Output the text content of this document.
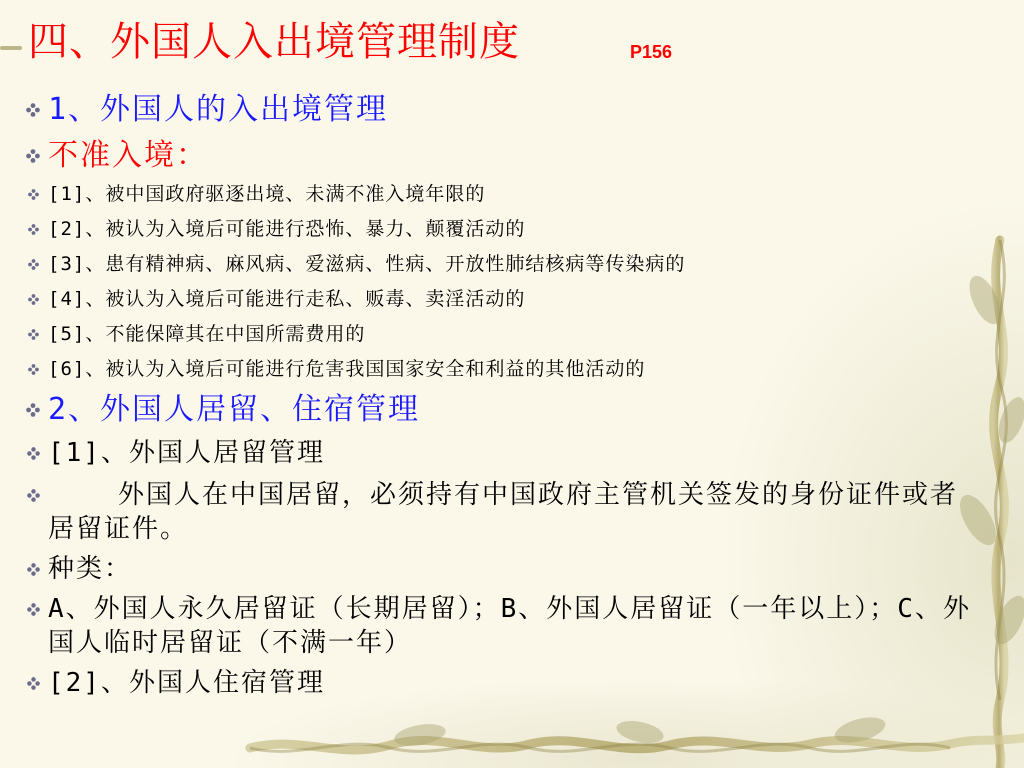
四、外国人入出境管理制度	P156
1、外国人的入出境管理
不准入境：
[1]、被中国政府驱逐出境、未满不准入境年限的
[2]、被认为入境后可能进行恐怖、暴力、颠覆活动的
[3]、患有精神病、麻风病、爱滋病、性病、开放性肺结核病等传染病的
[4]、被认为入境后可能进行走私、贩毒、卖淫活动的
[5]、不能保障其在中国所需费用的
[6]、被认为入境后可能进行危害我国国家安全和利益的其他活动的
2、外国人居留、住宿管理
[1]、外国人居留管理
外国人在中国居留，必须持有中国政府主管机关签发的身份证件或者居留证件。
种类：
A、外国人永久居留证（长期居留）；B、外国人居留证（一年以上）；C、外国人临时居留证（不满一年）
[2]、外国人住宿管理
